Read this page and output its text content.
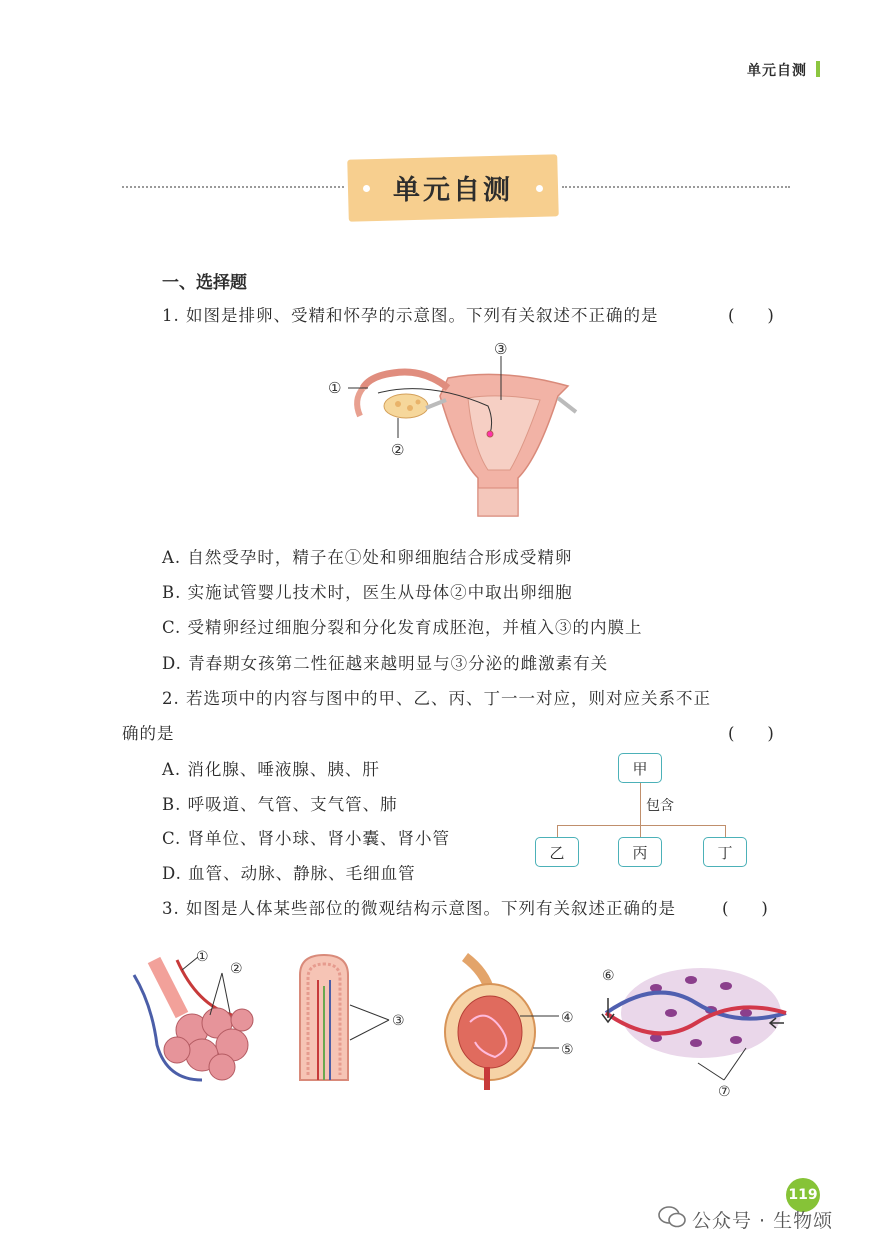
单元自测
单元自测
一、选择题
1. 如图是排卵、受精和怀孕的示意图。下列有关叙述不正确的是	(　　)
①
②
③
A. 自然受孕时，精子在①处和卵细胞结合形成受精卵
B. 实施试管婴儿技术时，医生从母体②中取出卵细胞
C. 受精卵经过细胞分裂和分化发育成胚泡，并植入③的内膜上
D. 青春期女孩第二性征越来越明显与③分泌的雌激素有关
2. 若选项中的内容与图中的甲、乙、丙、丁一一对应，则对应关系不正
确的是	(　　)
A. 消化腺、唾液腺、胰、肝
B. 呼吸道、气管、支气管、肺
C. 肾单位、肾小球、肾小囊、肾小管
D. 血管、动脉、静脉、毛细血管
甲
包含
乙	丙	丁
3. 如图是人体某些部位的微观结构示意图。下列有关叙述正确的是	(　　)
①
②
③	④
⑤
⑥
⑦
119
公众号 · 生物颂
